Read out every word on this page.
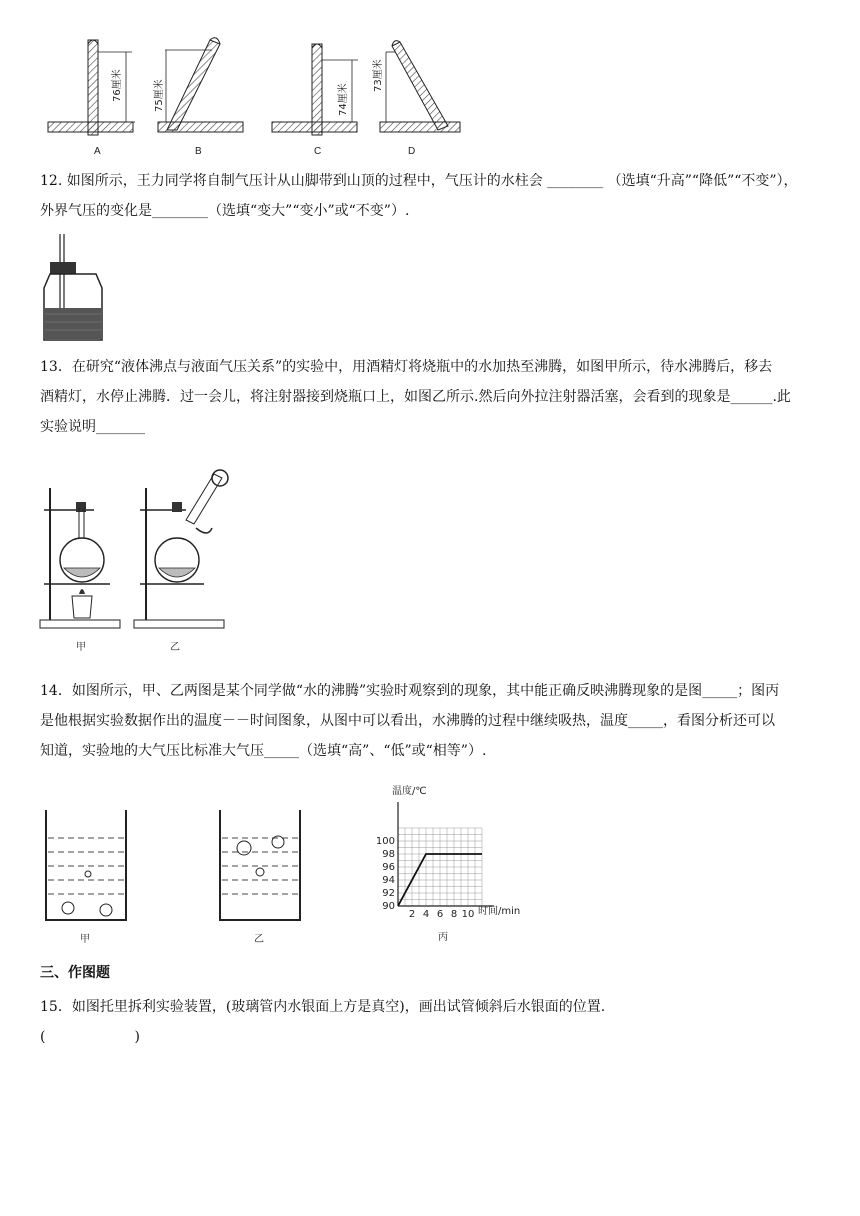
76厘米
A
75厘米
B
74厘米
C
73厘米
D
12. 如图所示，王力同学将自制气压计从山脚带到山顶的过程中，气压计的水柱会 ________ （选填“升高”“降低”“不变”），
外界气压的变化是________（选填“变大”“变小”或“不变”）.
13．在研究“液体沸点与液面气压关系”的实验中，用酒精灯将烧瓶中的水加热至沸腾，如图甲所示，待水沸腾后，移去
酒精灯，水停止沸腾．过一会儿，将注射器接到烧瓶口上，如图乙所示.然后向外拉注射器活塞，会看到的现象是______.此
实验说明_______
甲	乙
14．如图所示，甲、乙两图是某个同学做“水的沸腾”实验时观察到的现象，其中能正确反映沸腾现象的是图_____；图丙
是他根据实验数据作出的温度－－时间图象，从图中可以看出，水沸腾的过程中继续吸热，温度_____，看图分析还可以
知道，实验地的大气压比标准大气压_____（选填“高”、“低”或“相等”）.
甲	乙
温度/℃
时间/min
90
92
94
96
98
100
2 4 6 8 10
丙
三、作图题
15．如图托里拆利实验装置，(玻璃管内水银面上方是真空)，画出试管倾斜后水银面的位置.
(                    )
